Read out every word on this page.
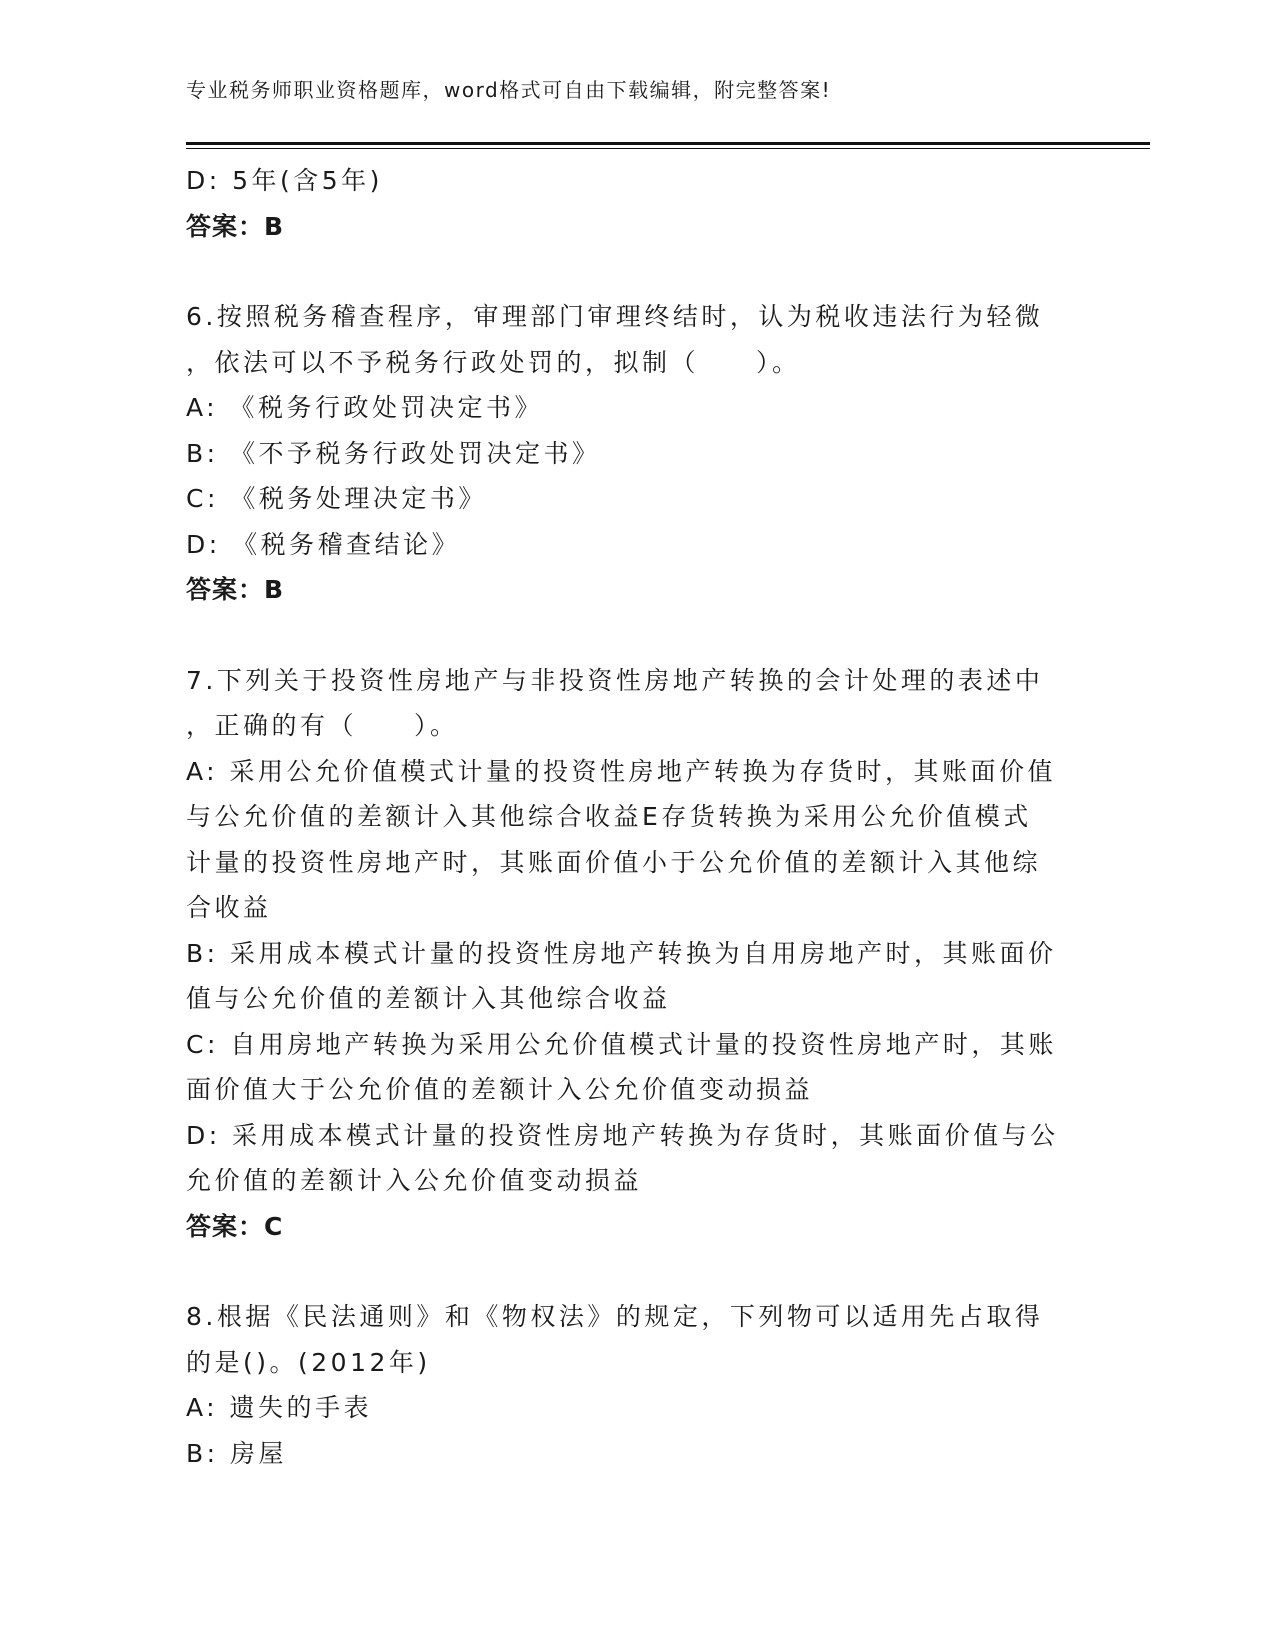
专业税务师职业资格题库，word格式可自由下载编辑，附完整答案!
D: 5年(含5年)
答案：B
6.按照税务稽查程序，审理部门审理终结时，认为税收违法行为轻微
，依法可以不予税务行政处罚的，拟制（　　）。
A: 《税务行政处罚决定书》
B: 《不予税务行政处罚决定书》
C: 《税务处理决定书》
D: 《税务稽查结论》
答案：B
7.下列关于投资性房地产与非投资性房地产转换的会计处理的表述中
，正确的有（　　）。
A: 采用公允价值模式计量的投资性房地产转换为存货时，其账面价值
与公允价值的差额计入其他综合收益E存货转换为采用公允价值模式
计量的投资性房地产时，其账面价值小于公允价值的差额计入其他综
合收益
B: 采用成本模式计量的投资性房地产转换为自用房地产时，其账面价
值与公允价值的差额计入其他综合收益
C: 自用房地产转换为采用公允价值模式计量的投资性房地产时，其账
面价值大于公允价值的差额计入公允价值变动损益
D: 采用成本模式计量的投资性房地产转换为存货时，其账面价值与公
允价值的差额计入公允价值变动损益
答案：C
8.根据《民法通则》和《物权法》的规定，下列物可以适用先占取得
的是()。(2012年)
A: 遗失的手表
B: 房屋
